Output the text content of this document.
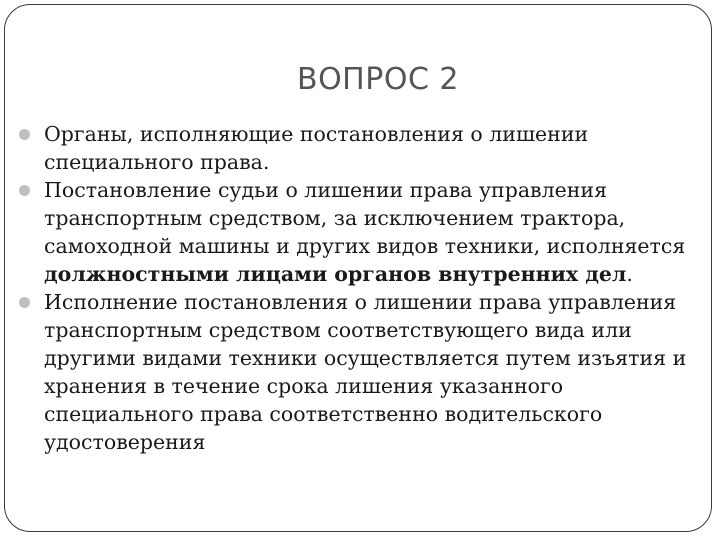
ВОПРОС 2
Органы, исполняющие постановления о лишении специального права.
Постановление судьи о лишении права управления транспортным средством, за исключением трактора, самоходной машины и других видов техники, исполняется должностными лицами органов внутренних дел.
Исполнение постановления о лишении права управления транспортным средством соответствующего вида или другими видами техники осуществляется путем изъятия и хранения в течение срока лишения указанного специального права соответственно водительского удостоверения
